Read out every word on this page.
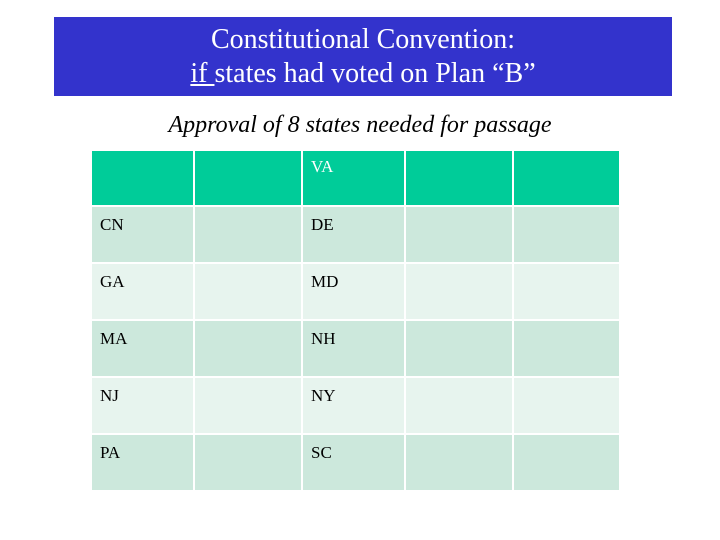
Constitutional Convention:
if states had voted on Plan “B”
Approval of 8 states needed for passage
		VA		
CN		DE		
GA		MD		
MA		NH		
NJ		NY		
PA		SC		
